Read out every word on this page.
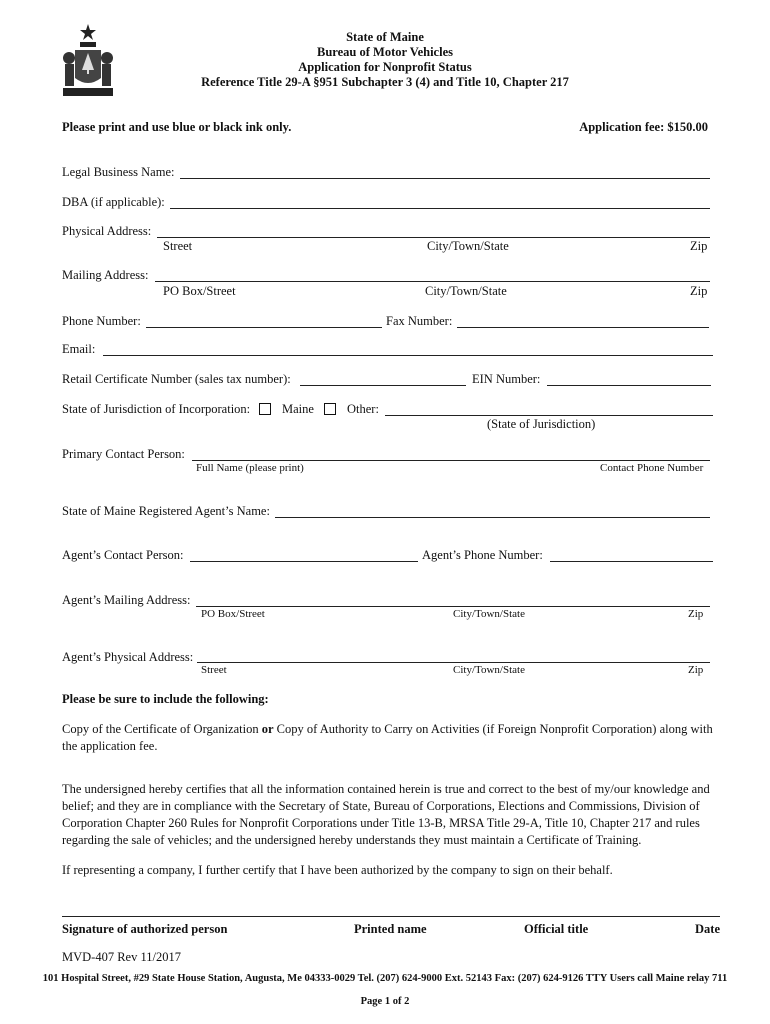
State of Maine
Bureau of Motor Vehicles
Application for Nonprofit Status
Reference Title 29-A §951 Subchapter 3 (4) and Title 10, Chapter 217
Please print and use blue or black ink only.	Application fee: $150.00
Legal Business Name:
DBA (if applicable):
Physical Address:
Street	City/Town/State	Zip
Mailing Address:
PO Box/Street	City/Town/State	Zip
Phone Number:	Fax Number:
Email:
Retail Certificate Number (sales tax number):	EIN Number:
State of Jurisdiction of Incorporation:	Maine	Other:
(State of Jurisdiction)
Primary Contact Person:
Full Name (please print)	Contact Phone Number
State of Maine Registered Agent’s Name:
Agent’s Contact Person:	Agent’s Phone Number:
Agent’s Mailing Address:
PO Box/Street	City/Town/State	Zip
Agent’s Physical Address:
Street	City/Town/State	Zip
Please be sure to include the following:
Copy of the Certificate of Organization or Copy of Authority to Carry on Activities (if Foreign Nonprofit Corporation) along with the application fee.
The undersigned hereby certifies that all the information contained herein is true and correct to the best of my/our knowledge and belief; and they are in compliance with the Secretary of State, Bureau of Corporations, Elections and Commissions, Division of Corporation Chapter 260 Rules for Nonprofit Corporations under Title 13-B, MRSA Title 29-A, Title 10, Chapter 217 and rules regarding the sale of vehicles; and the undersigned hereby understands they must maintain a Certificate of Training.
If representing a company, I further certify that I have been authorized by the company to sign on their behalf.
Signature of authorized person	Printed name	Official title	Date
MVD-407 Rev 11/2017
101 Hospital Street, #29 State House Station, Augusta, Me 04333-0029 Tel. (207) 624-9000 Ext. 52143 Fax: (207) 624-9126 TTY Users call Maine relay 711
Page 1 of 2
